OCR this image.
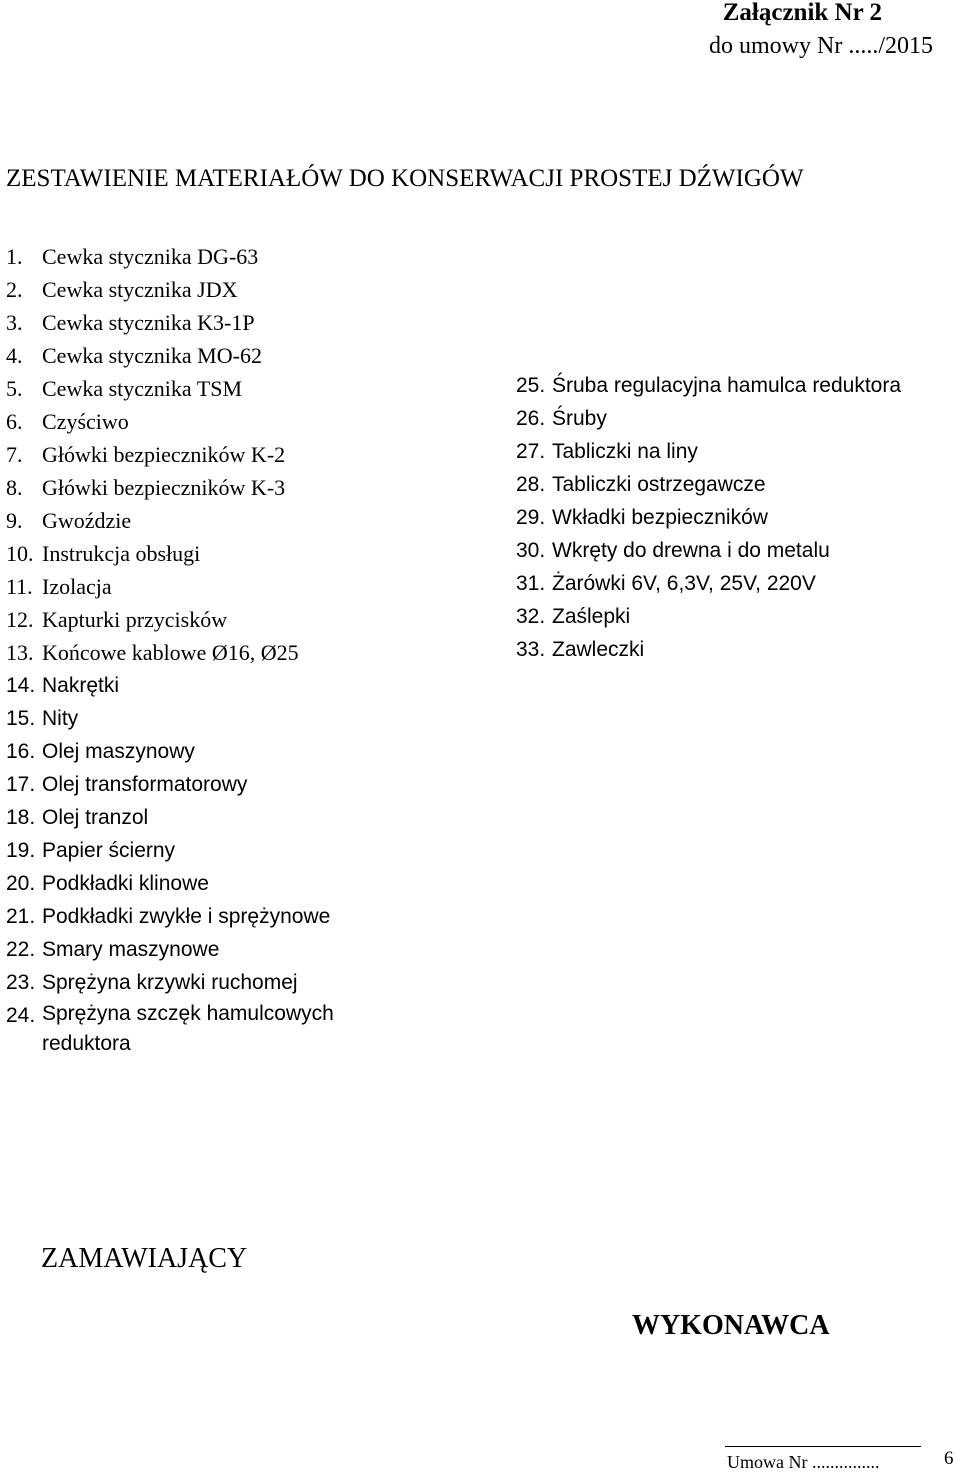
Załącznik Nr 2
do umowy Nr ...../2015
ZESTAWIENIE MATERIAŁÓW DO KONSERWACJI PROSTEJ DŹWIGÓW
1. Cewka stycznika DG-63
2. Cewka stycznika JDX
3. Cewka stycznika K3-1P
4. Cewka stycznika MO-62
5. Cewka stycznika TSM
6. Czyściwo
7. Główki bezpieczników K-2
8. Główki bezpieczników K-3
9. Gwoździe
10. Instrukcja obsługi
11. Izolacja
12. Kapturki przycisków
13. Końcowe kablowe Ø16, Ø25
14. Nakrętki
15. Nity
16. Olej maszynowy
17. Olej transformatorowy
18. Olej tranzol
19. Papier ścierny
20. Podkładki klinowe
21. Podkładki zwykłe i sprężynowe
22. Smary maszynowe
23. Sprężyna krzywki ruchomej
24. Sprężyna szczęk hamulcowych reduktora
25. Śruba regulacyjna hamulca reduktora
26. Śruby
27. Tabliczki na liny
28. Tabliczki ostrzegawcze
29. Wkładki bezpieczników
30. Wkręty do drewna i do metalu
31. Żarówki 6V, 6,3V, 25V, 220V
32. Zaślepki
33. Zawleczki
ZAMAWIAJĄCY
WYKONAWCA
Umowa Nr ...............	6
